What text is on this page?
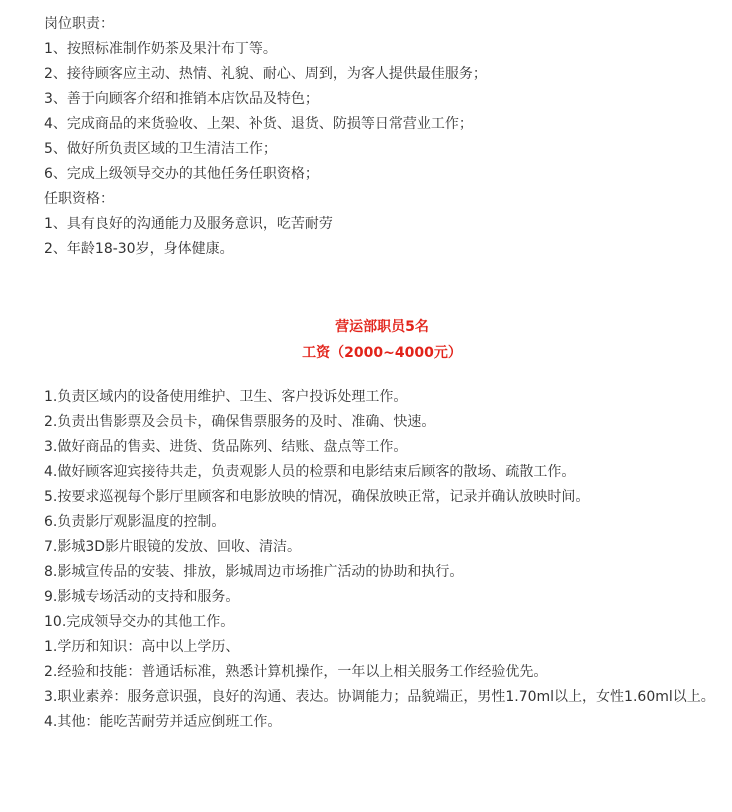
岗位职责：
1、按照标准制作奶茶及果汁布丁等。
2、接待顾客应主动、热情、礼貌、耐心、周到，为客人提供最佳服务；
3、善于向顾客介绍和推销本店饮品及特色；
4、完成商品的来货验收、上架、补货、退货、防损等日常营业工作；
5、做好所负责区域的卫生清洁工作；
6、完成上级领导交办的其他任务任职资格；
任职资格：
1、具有良好的沟通能力及服务意识，吃苦耐劳
2、年龄18-30岁，身体健康。
营运部职员5名
工资（2000~4000元）
1.负责区域内的设备使用维护、卫生、客户投诉处理工作。
2.负责出售影票及会员卡，确保售票服务的及时、准确、快速。
3.做好商品的售卖、进货、货品陈列、结账、盘点等工作。
4.做好顾客迎宾接待共走，负责观影人员的检票和电影结束后顾客的散场、疏散工作。
5.按要求巡视每个影厅里顾客和电影放映的情况，确保放映正常，记录并确认放映时间。
6.负责影厅观影温度的控制。
7.影城3D影片眼镜的发放、回收、清洁。
8.影城宣传品的安装、排放，影城周边市场推广活动的协助和执行。
9.影城专场活动的支持和服务。
10.完成领导交办的其他工作。
1.学历和知识：高中以上学历、
2.经验和技能：普通话标准，熟悉计算机操作，一年以上相关服务工作经验优先。
3.职业素养：服务意识强，良好的沟通、表达。协调能力；品貌端正，男性1.70ml以上，女性1.60ml以上。
4.其他：能吃苦耐劳并适应倒班工作。
